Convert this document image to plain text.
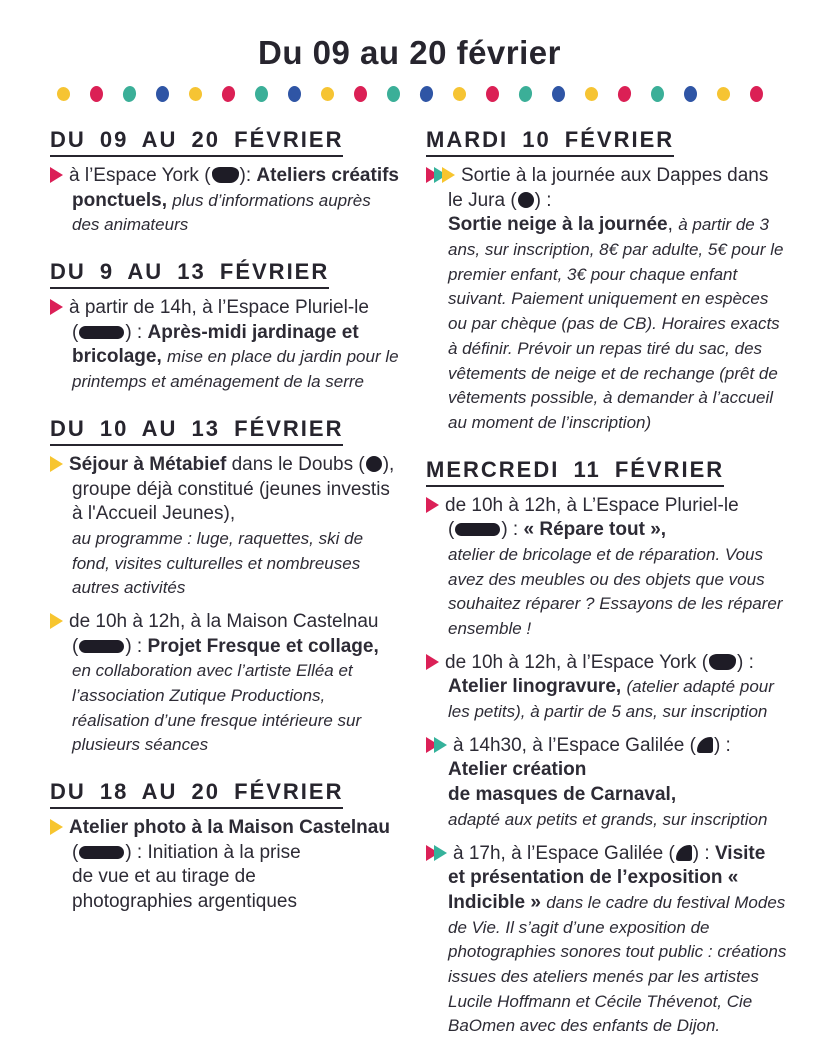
Du 09 au 20 février
DU 09 AU 20 FÉVRIER

à l’Espace York ( ): Ateliers créatifs ponctuels, plus d’informations auprès des animateurs
DU 9 AU 13 FÉVRIER

à partir de 14h, à l’Espace Pluriel-le ( ) : Après-midi jardinage et bricolage, mise en place du jardin pour le printemps et aménagement de la serre
DU 10 AU 13 FÉVRIER

Séjour à Métabief dans le Doubs ( ), groupe déjà constitué (jeunes investis à l'Accueil Jeunes),
au programme : luge, raquettes, ski de fond, visites culturelles et nombreuses autres activités
de 10h à 12h, à la Maison Castelnau ( ) : Projet Fresque et collage,
en collaboration avec l’artiste Elléa et l’association Zutique Productions, réalisation d’une fresque intérieure sur plusieurs séances
DU 18 AU 20 FÉVRIER

Atelier photo à la Maison Castelnau
( ) : Initiation à la prise
de vue et au tirage de
photographies argentiques
MARDI 10 FÉVRIER

Sortie à la journée aux Dappes dans le Jura ( ) :
Sortie neige à la journée, à partir de 3 ans, sur inscription, 8€ par adulte, 5€ pour le premier enfant, 3€ pour chaque enfant suivant. Paiement uniquement en espèces ou par chèque (pas de CB). Horaires exacts à définir. Prévoir un repas tiré du sac, des vêtements de neige et de rechange (prêt de vêtements possible, à demander à l’accueil au moment de l’inscription)
MERCREDI 11 FÉVRIER

de 10h à 12h, à L’Espace Pluriel-le ( ) : « Répare tout »,
atelier de bricolage et de réparation. Vous avez des meubles ou des objets que vous souhaitez réparer ? Essayons de les réparer ensemble !
de 10h à 12h, à l’Espace York ( ) :
Atelier linogravure, (atelier adapté pour les petits), à partir de 5 ans, sur inscription
à 14h30, à l’Espace Galilée ( ) :
Atelier création
de masques de Carnaval,
adapté aux petits et grands, sur inscription
à 17h, à l’Espace Galilée ( ) : Visite et présentation de l’exposition « Indicible » dans le cadre du festival Modes de Vie. Il s’agit d’une exposition de photographies sonores tout public : créations issues des ateliers menés par les artistes Lucile Hoffmann et Cécile Thévenot, Cie BaOmen avec des enfants de Dijon.
